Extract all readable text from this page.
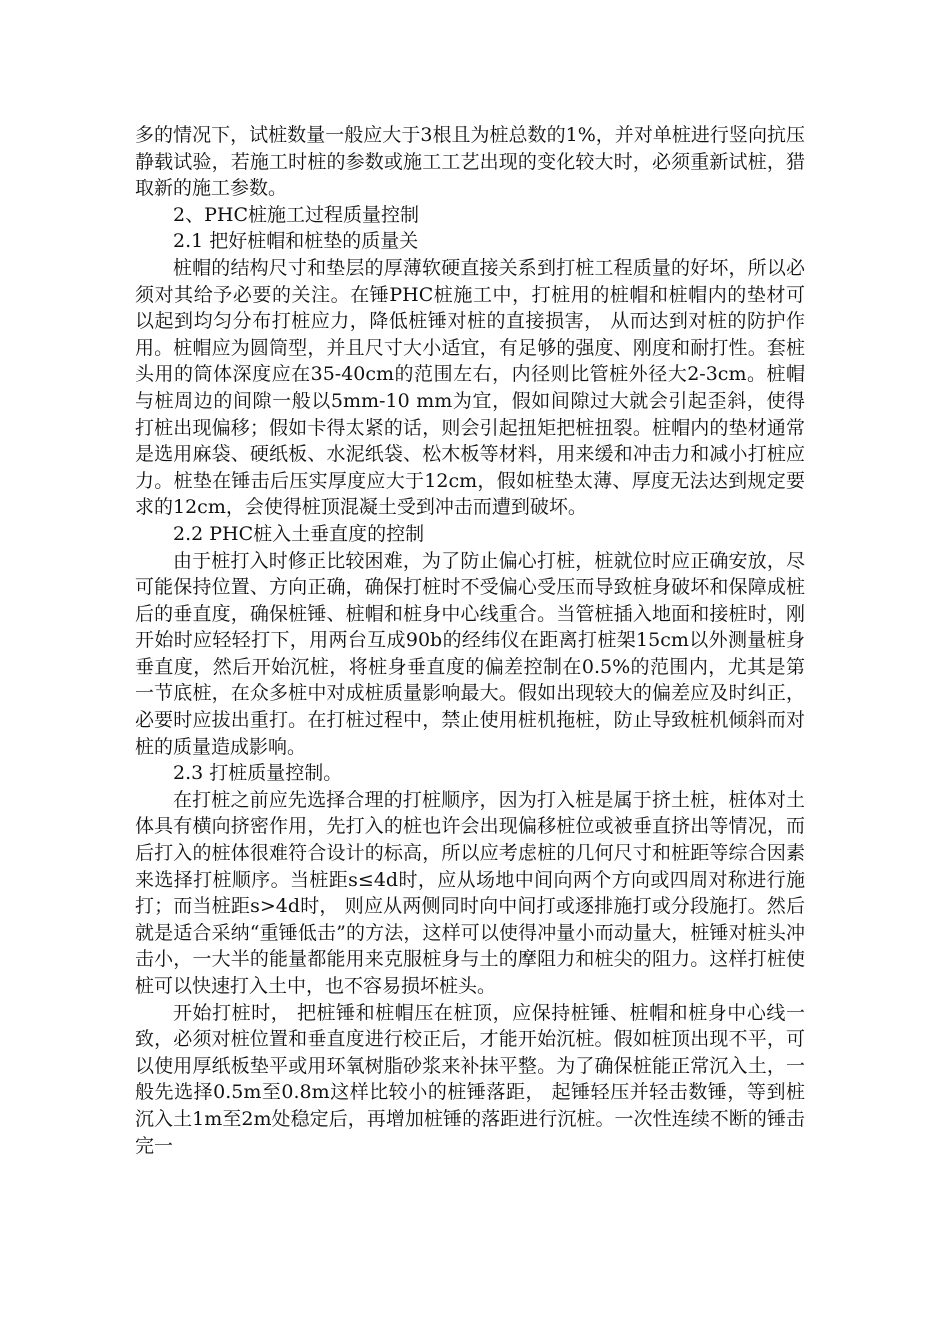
多的情况下，试桩数量一般应大于3根且为桩总数的1%，并对单桩进行竖向抗压静载试验，若施工时桩的参数或施工工艺出现的变化较大时，必须重新试桩，猎取新的施工参数。

2、PHC桩施工过程质量控制

2.1 把好桩帽和桩垫的质量关

桩帽的结构尺寸和垫层的厚薄软硬直接关系到打桩工程质量的好坏，所以必须对其给予必要的关注。在锤PHC桩施工中，打桩用的桩帽和桩帽内的垫材可以起到均匀分布打桩应力，降低桩锤对桩的直接损害， 从而达到对桩的防护作用。桩帽应为圆筒型，并且尺寸大小适宜，有足够的强度、刚度和耐打性。套桩头用的筒体深度应在35-40cm的范围左右，内径则比管桩外径大2-3cm。桩帽与桩周边的间隙一般以5mm-10 mm为宜，假如间隙过大就会引起歪斜，使得打桩出现偏移；假如卡得太紧的话，则会引起扭矩把桩扭裂。桩帽内的垫材通常是选用麻袋、硬纸板、水泥纸袋、松木板等材料，用来缓和冲击力和减小打桩应力。桩垫在锤击后压实厚度应大于12cm，假如桩垫太薄、厚度无法达到规定要求的12cm，会使得桩顶混凝土受到冲击而遭到破坏。

2.2 PHC桩入土垂直度的控制

由于桩打入时修正比较困难，为了防止偏心打桩，桩就位时应正确安放，尽可能保持位置、方向正确，确保打桩时不受偏心受压而导致桩身破坏和保障成桩后的垂直度，确保桩锤、桩帽和桩身中心线重合。当管桩插入地面和接桩时，刚开始时应轻轻打下，用两台互成90b的经纬仪在距离打桩架15cm以外测量桩身垂直度，然后开始沉桩，将桩身垂直度的偏差控制在0.5%的范围内，尤其是第一节底桩，在众多桩中对成桩质量影响最大。假如出现较大的偏差应及时纠正，必要时应拔出重打。在打桩过程中，禁止使用桩机拖桩，防止导致桩机倾斜而对桩的质量造成影响。

2.3 打桩质量控制。

在打桩之前应先选择合理的打桩顺序，因为打入桩是属于挤土桩，桩体对土体具有横向挤密作用，先打入的桩也许会出现偏移桩位或被垂直挤出等情况，而后打入的桩体很难符合设计的标高，所以应考虑桩的几何尺寸和桩距等综合因素来选择打桩顺序。当桩距s≤4d时，应从场地中间向两个方向或四周对称进行施打；而当桩距s>4d时， 则应从两侧同时向中间打或逐排施打或分段施打。然后就是适合采纳“重锤低击”的方法，这样可以使得冲量小而动量大，桩锤对桩头冲击小，一大半的能量都能用来克服桩身与土的摩阻力和桩尖的阻力。这样打桩使桩可以快速打入土中，也不容易损坏桩头。

开始打桩时， 把桩锤和桩帽压在桩顶，应保持桩锤、桩帽和桩身中心线一致，必须对桩位置和垂直度进行校正后，才能开始沉桩。假如桩顶出现不平，可以使用厚纸板垫平或用环氧树脂砂浆来补抹平整。为了确保桩能正常沉入土，一般先选择0.5m至0.8m这样比较小的桩锤落距， 起锤轻压并轻击数锤，等到桩沉入土1m至2m处稳定后，再增加桩锤的落距进行沉桩。一次性连续不断的锤击完一
